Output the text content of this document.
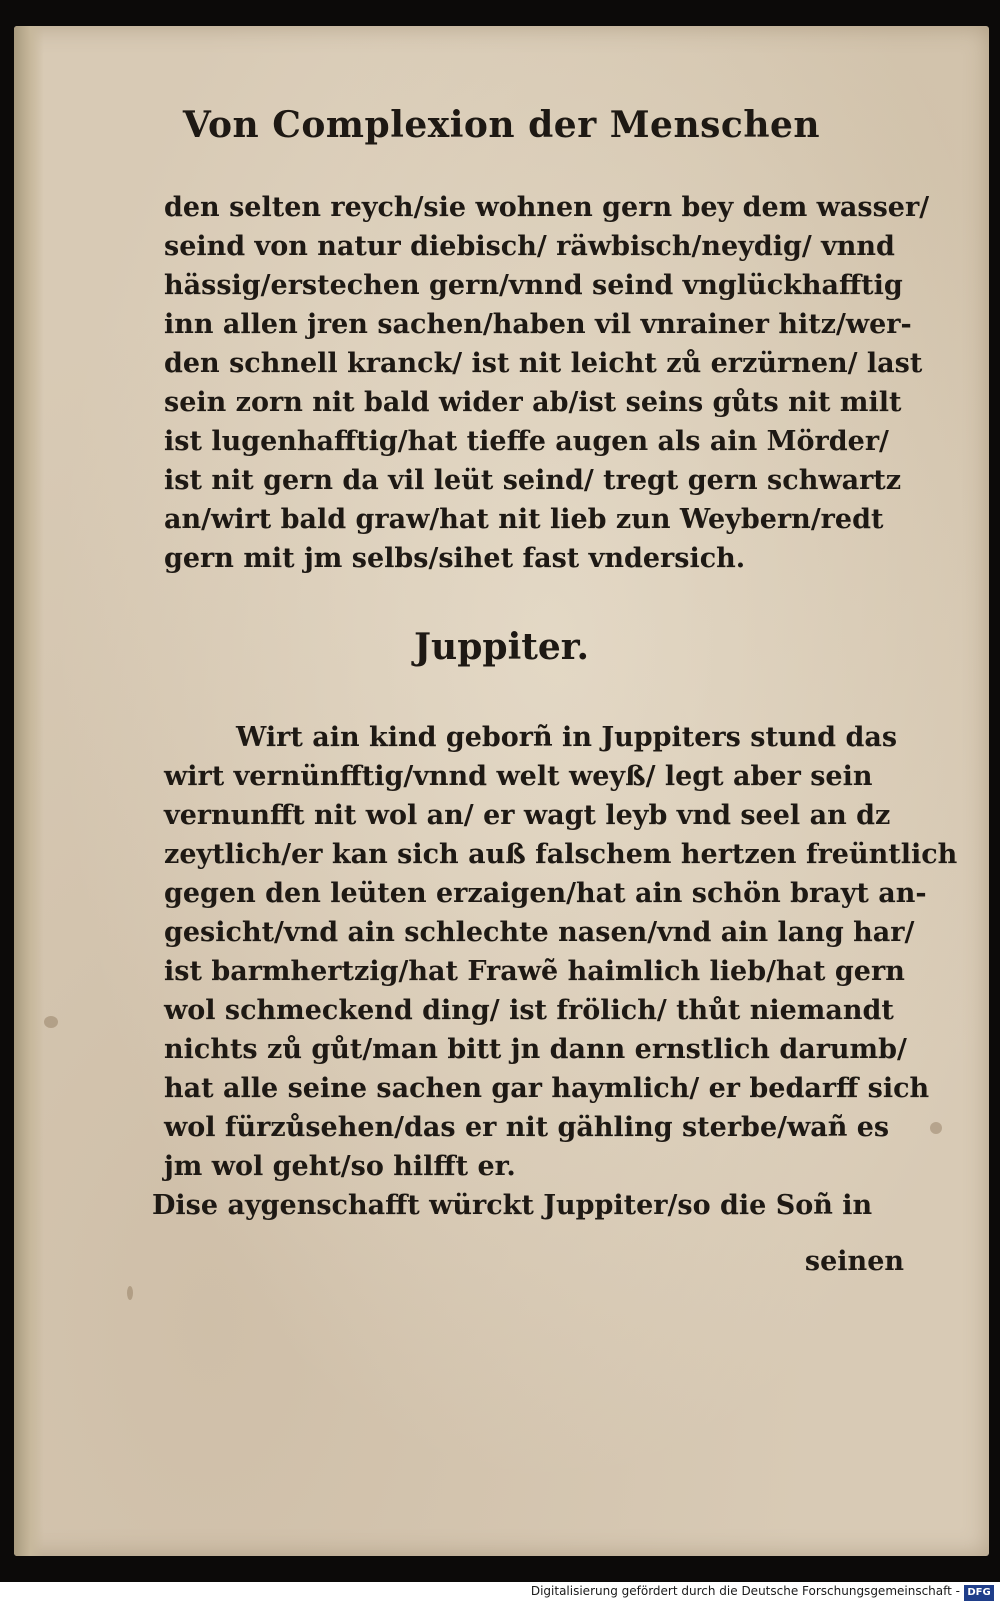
Von Complexion der Menschen
den selten reych/sie wohnen gern bey dem wasser/
seind von natur diebisch/ räwbisch/neydig/ vnnd
hässig/erstechen gern/vnnd seind vnglückhafftig
inn allen jren sachen/haben vil vnrainer hitz/wer-
den schnell kranck/ ist nit leicht zů erzürnen/ last
sein zorn nit bald wider ab/ist seins gůts nit milt
ist lugenhafftig/hat tieffe augen als ain Mörder/
ist nit gern da vil leüt seind/ tregt gern schwartz
an/wirt bald graw/hat nit lieb zun Weybern/redt
gern mit jm selbs/sihet fast vndersich.
Juppiter.
Wirt ain kind geborñ in Juppiters stund das
wirt vernünfftig/vnnd welt weyß/ legt aber sein
vernunfft nit wol an/ er wagt leyb vnd seel an dz
zeytlich/er kan sich auß falschem hertzen freüntlich
gegen den leüten erzaigen/hat ain schön brayt an-
gesicht/vnd ain schlechte nasen/vnd ain lang har/
ist barmhertzig/hat Frawẽ haimlich lieb/hat gern
wol schmeckend ding/ ist frölich/ thůt niemandt
nichts zů gůt/man bitt jn dann ernstlich darumb/
hat alle seine sachen gar haymlich/ er bedarff sich
wol fürzůsehen/das er nit gähling sterbe/wañ es
jm wol geht/so hilfft er.
Dise aygenschafft würckt Juppiter/so die Soñ in
seinen
Digitalisierung gefördert durch die Deutsche Forschungsgemeinschaft - DFG
